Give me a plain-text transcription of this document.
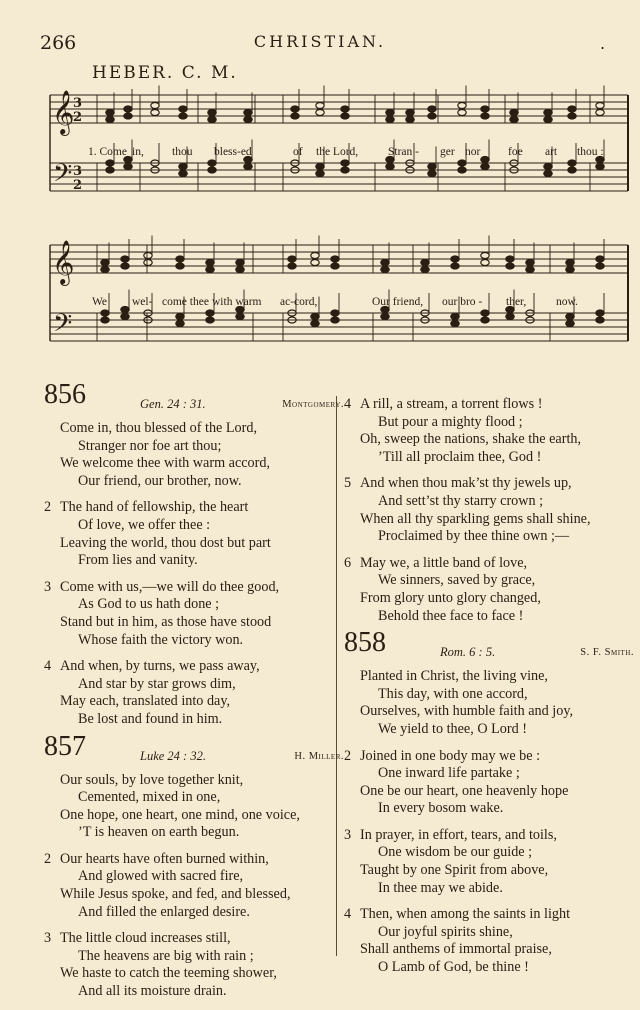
266	CHRISTIAN.	.
HEBER. C. M.
𝄞
𝄢
3
2
3
2
𝄞
𝄢
1. Come in, thou bless-ed	of the Lord,	Stran - ger nor foe art thou :
We wel- come thee with warm ac-cord,	Our friend, our bro - ther,	now.
856	Gen. 24 : 31.	Montgomery.
Come in, thou blessed of the Lord,
Stranger nor foe art thou;
We welcome thee with warm accord,
Our friend, our brother, now.
2 The hand of fellowship, the heart
Of love, we offer thee :
Leaving the world, thou dost but part
From lies and vanity.
3 Come with us,—we will do thee good,
As God to us hath done ;
Stand but in him, as those have stood
Whose faith the victory won.
4 And when, by turns, we pass away,
And star by star grows dim,
May each, translated into day,
Be lost and found in him.
857	Luke 24 : 32.	H. Miller.
Our souls, by love together knit,
Cemented, mixed in one,
One hope, one heart, one mind, one voice,
’T is heaven on earth begun.
2 Our hearts have often burned within,
And glowed with sacred fire,
While Jesus spoke, and fed, and blessed,
And filled the enlarged desire.
3 The little cloud increases still,
The heavens are big with rain ;
We haste to catch the teeming shower,
And all its moisture drain.
4 A rill, a stream, a torrent flows !
But pour a mighty flood ;
Oh, sweep the nations, shake the earth,
’Till all proclaim thee, God !
5 And when thou mak’st thy jewels up,
And sett’st thy starry crown ;
When all thy sparkling gems shall shine,
Proclaimed by thee thine own ;—
6 May we, a little band of love,
We sinners, saved by grace,
From glory unto glory changed,
Behold thee face to face !
858	Rom. 6 : 5.	S. F. Smith.
Planted in Christ, the living vine,
This day, with one accord,
Ourselves, with humble faith and joy,
We yield to thee, O Lord !
2 Joined in one body may we be :
One inward life partake ;
One be our heart, one heavenly hope
In every bosom wake.
3 In prayer, in effort, tears, and toils,
One wisdom be our guide ;
Taught by one Spirit from above,
In thee may we abide.
4 Then, when among the saints in light
Our joyful spirits shine,
Shall anthems of immortal praise,
O Lamb of God, be thine !
